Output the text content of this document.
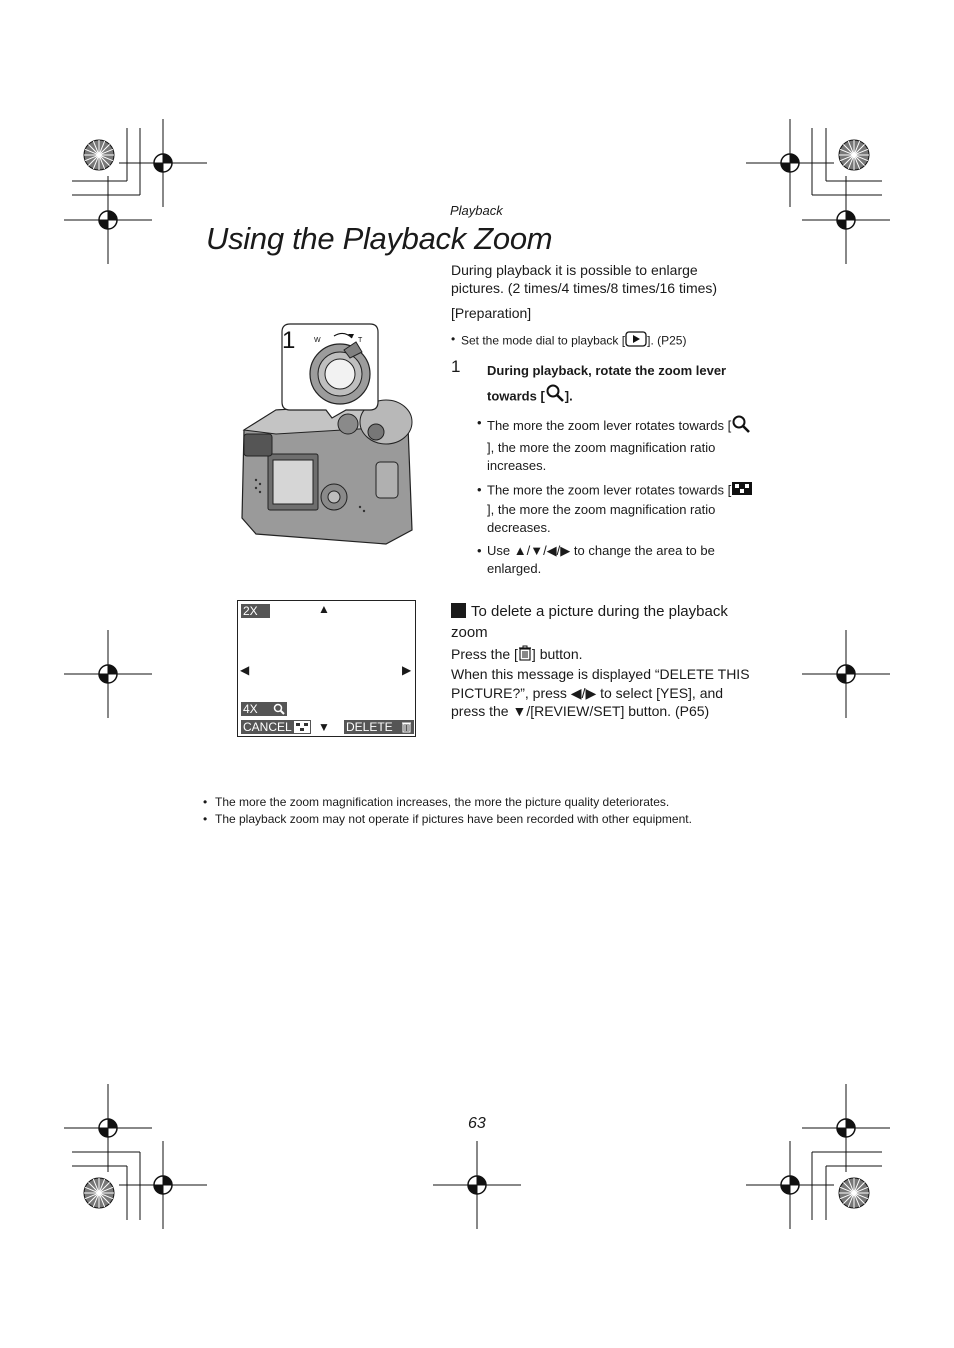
Playback
Using the Playback Zoom
During playback it is possible to enlarge pictures. (2 times/4 times/8 times/16 times)
[Preparation]
• Set the mode dial to playback [ ]. (P25)
1 During playback, rotate the zoom lever towards [ ].
• The more the zoom lever rotates towards [], the more the zoom magnification ratio increases.
• The more the zoom lever rotates towards [], the more the zoom magnification ratio decreases.
• Use ▲/▼/◀/▶ to change the area to be enlarged.
To delete a picture during the playback zoom
Press the [ ] button.
When this message is displayed “DELETE THIS PICTURE?”, press ◀/▶ to select [YES], and press the ▼/[REVIEW/SET] button. (P65)
1	W	T
2X	▲
◀	▶
▼
4X
CANCEL	DELETE
• The more the zoom magnification increases, the more the picture quality deteriorates.
• The playback zoom may not operate if pictures have been recorded with other equipment.
63
